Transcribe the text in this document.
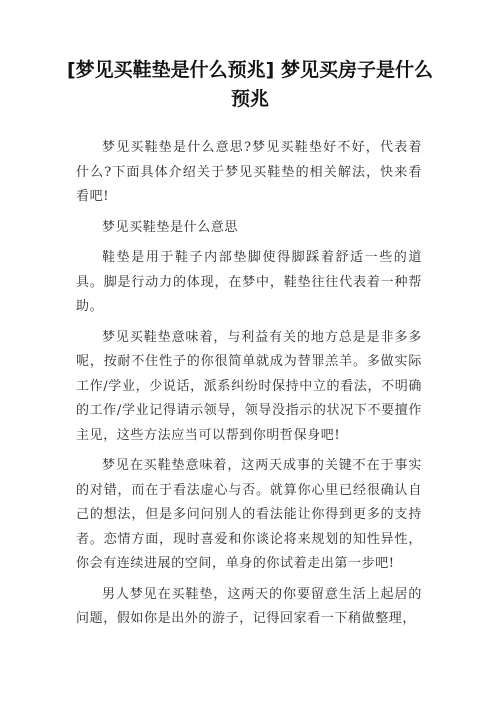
[梦见买鞋垫是什么预兆] 梦见买房子是什么预兆

梦见买鞋垫是什么意思?梦见买鞋垫好不好，代表着什么?下面具体介绍关于梦见买鞋垫的相关解法，快来看看吧!

梦见买鞋垫是什么意思

鞋垫是用于鞋子内部垫脚使得脚踩着舒适一些的道具。脚是行动力的体现，在梦中，鞋垫往往代表着一种帮助。

梦见买鞋垫意味着，与利益有关的地方总是是非多多呢，按耐不住性子的你很简单就成为替罪羔羊。多做实际工作/学业，少说话，派系纠纷时保持中立的看法，不明确的工作/学业记得请示领导，领导没指示的状况下不要擅作主见，这些方法应当可以帮到你明哲保身吧!

梦见在买鞋垫意味着，这两天成事的关键不在于事实的对错，而在于看法虚心与否。就算你心里已经很确认自己的想法，但是多问问别人的看法能让你得到更多的支持者。恋情方面，现时喜爱和你谈论将来规划的知性异性，你会有连续进展的空间，单身的你试着走出第一步吧!

男人梦见在买鞋垫，这两天的你要留意生活上起居的问题，假如你是出外的游子，记得回家看一下稍做整理，
